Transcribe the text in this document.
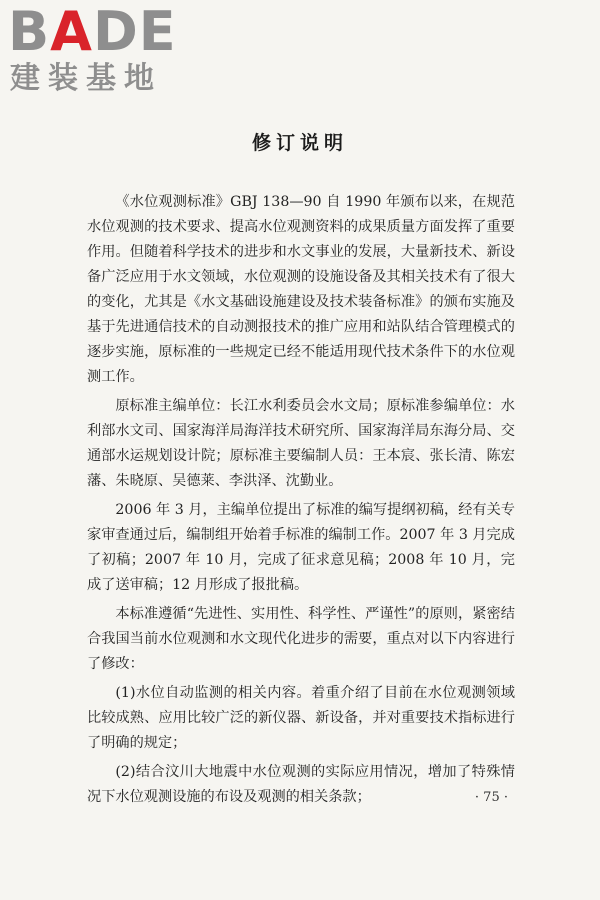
BADE
建装基地
修订说明

《水位观测标准》GBJ 138—90 自 1990 年颁布以来，在规范水位观测的技术要求、提高水位观测资料的成果质量方面发挥了重要作用。但随着科学技术的进步和水文事业的发展，大量新技术、新设备广泛应用于水文领域，水位观测的设施设备及其相关技术有了很大的变化，尤其是《水文基础设施建设及技术装备标准》的颁布实施及基于先进通信技术的自动测报技术的推广应用和站队结合管理模式的逐步实施，原标准的一些规定已经不能适用现代技术条件下的水位观测工作。

原标准主编单位：长江水利委员会水文局；原标准参编单位：水利部水文司、国家海洋局海洋技术研究所、国家海洋局东海分局、交通部水运规划设计院；原标准主要编制人员：王本宸、张长清、陈宏藩、朱晓原、吴德莱、李洪泽、沈勤业。

2006 年 3 月，主编单位提出了标准的编写提纲初稿，经有关专家审查通过后，编制组开始着手标准的编制工作。2007 年 3 月完成了初稿；2007 年 10 月，完成了征求意见稿；2008 年 10 月，完成了送审稿；12 月形成了报批稿。

本标准遵循“先进性、实用性、科学性、严谨性”的原则，紧密结合我国当前水位观测和水文现代化进步的需要，重点对以下内容进行了修改：

(1)水位自动监测的相关内容。着重介绍了目前在水位观测领域比较成熟、应用比较广泛的新仪器、新设备，并对重要技术指标进行了明确的规定；

(2)结合汶川大地震中水位观测的实际应用情况，增加了特殊情况下水位观测设施的布设及观测的相关条款；	· 75 ·
